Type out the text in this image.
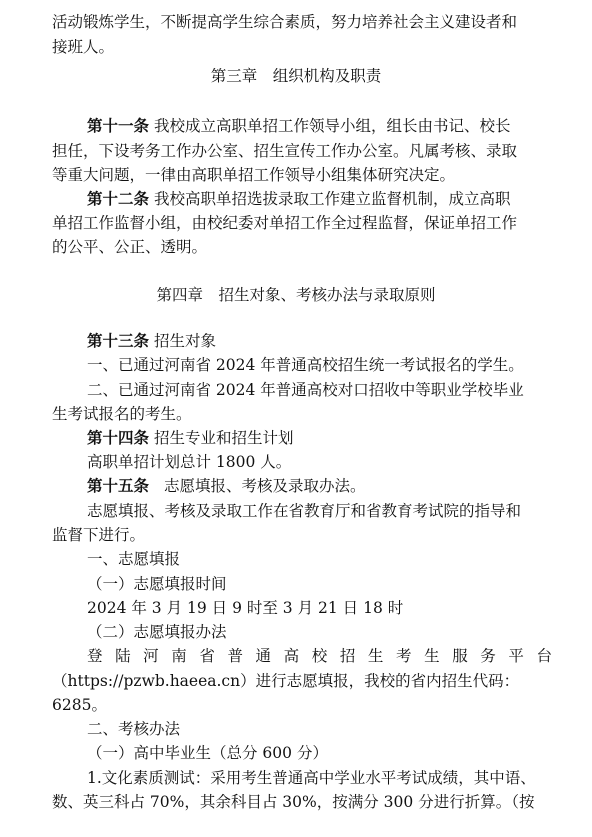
活动锻炼学生，不断提高学生综合素质，努力培养社会主义建设者和
接班人。
第三章　组织机构及职责
第十一条 我校成立高职单招工作领导小组，组长由书记、校长
担任，下设考务工作办公室、招生宣传工作办公室。凡属考核、录取
等重大问题，一律由高职单招工作领导小组集体研究决定。
第十二条 我校高职单招选拔录取工作建立监督机制，成立高职
单招工作监督小组，由校纪委对单招工作全过程监督，保证单招工作
的公平、公正、透明。
第四章　招生对象、考核办法与录取原则
第十三条 招生对象
一、已通过河南省 2024 年普通高校招生统一考试报名的学生。
二、已通过河南省 2024 年普通高校对口招收中等职业学校毕业
生考试报名的考生。
第十四条 招生专业和招生计划
高职单招计划总计 1800 人。
第十五条 志愿填报、考核及录取办法。
志愿填报、考核及录取工作在省教育厅和省教育考试院的指导和
监督下进行。
一、志愿填报
（一）志愿填报时间
2024 年 3 月 19 日 9 时至 3 月 21 日 18 时
（二）志愿填报办法
登陆河南省普通高校招生考生服务平台
（https://pzwb.haeea.cn）进行志愿填报，我校的省内招生代码：
6285。
二、考核办法
（一）高中毕业生（总分 600 分）
1.文化素质测试：采用考生普通高中学业水平考试成绩，其中语、
数、英三科占 70%，其余科目占 30%，按满分 300 分进行折算。（按
